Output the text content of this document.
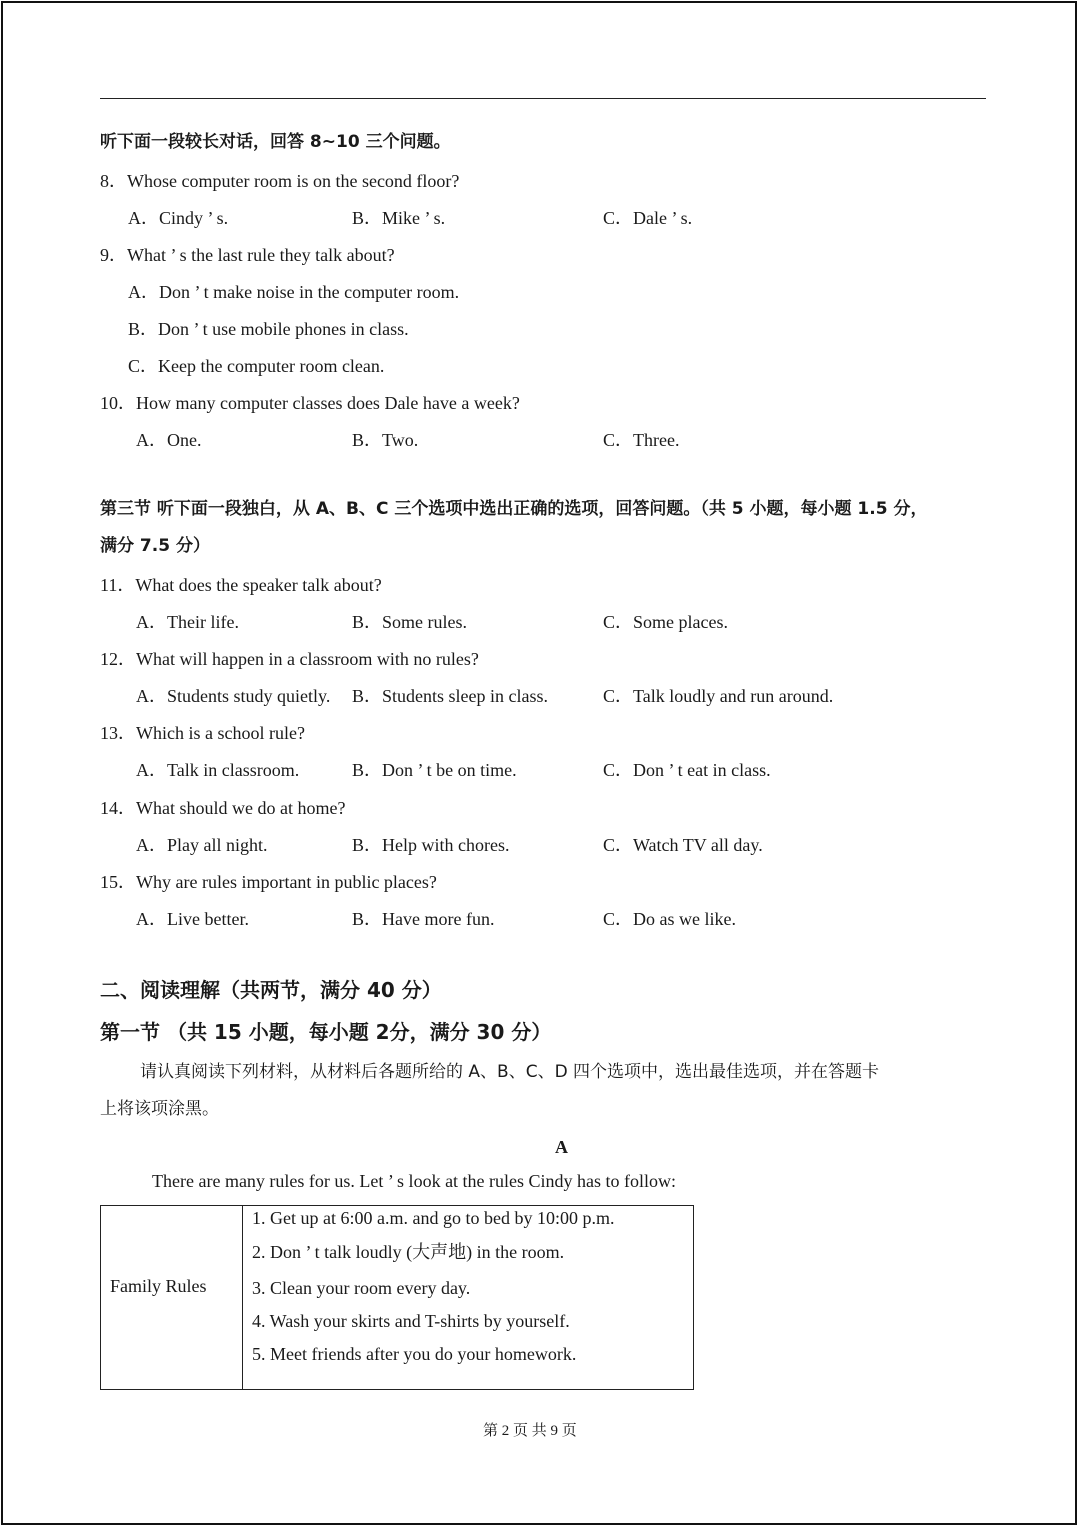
听下面一段较长对话，回答 8~10 三个问题。
8．Whose computer room is on the second floor?
A．Cindy ’ s.	B．Mike ’ s.	C．Dale ’ s.
9．What ’ s the last rule they talk about?
A．Don ’ t make noise in the computer room.
B．Don ’ t use mobile phones in class.
C．Keep the computer room clean.
10．How many computer classes does Dale have a week?
A．One.	B．Two.	C．Three.
第三节 听下面一段独白，从 A、B、C 三个选项中选出正确的选项，回答问题。（共 5 小题，每小题 1.5 分，
满分 7.5 分）
11．What does the speaker talk about?
A．Their life.	B．Some rules.	C．Some places.
12．What will happen in a classroom with no rules?
A．Students study quietly. B．Students sleep in class.	C．Talk loudly and run around.
13．Which is a school rule?
A．Talk in classroom.	B．Don ’ t be on time.	C．Don ’ t eat in class.
14．What should we do at home?
A．Play all night.	B．Help with chores.	C．Watch TV all day.
15．Why are rules important in public places?
A．Live better.	B．Have more fun.	C．Do as we like.
二、阅读理解（共两节，满分 40 分）
第一节 （共 15 小题，每小题 2分，满分 30 分）
请认真阅读下列材料，从材料后各题所给的 A、B、C、D 四个选项中，选出最佳选项，并在答题卡
上将该项涂黑。
A
There are many rules for us. Let ’ s look at the rules Cindy has to follow:
Family Rules
1. Get up at 6:00 a.m. and go to bed by 10:00 p.m.
2. Don ’ t talk loudly (大声地) in the room.
3. Clean your room every day.
4. Wash your skirts and T-shirts by yourself.
5. Meet friends after you do your homework.
第 2 页 共 9 页
